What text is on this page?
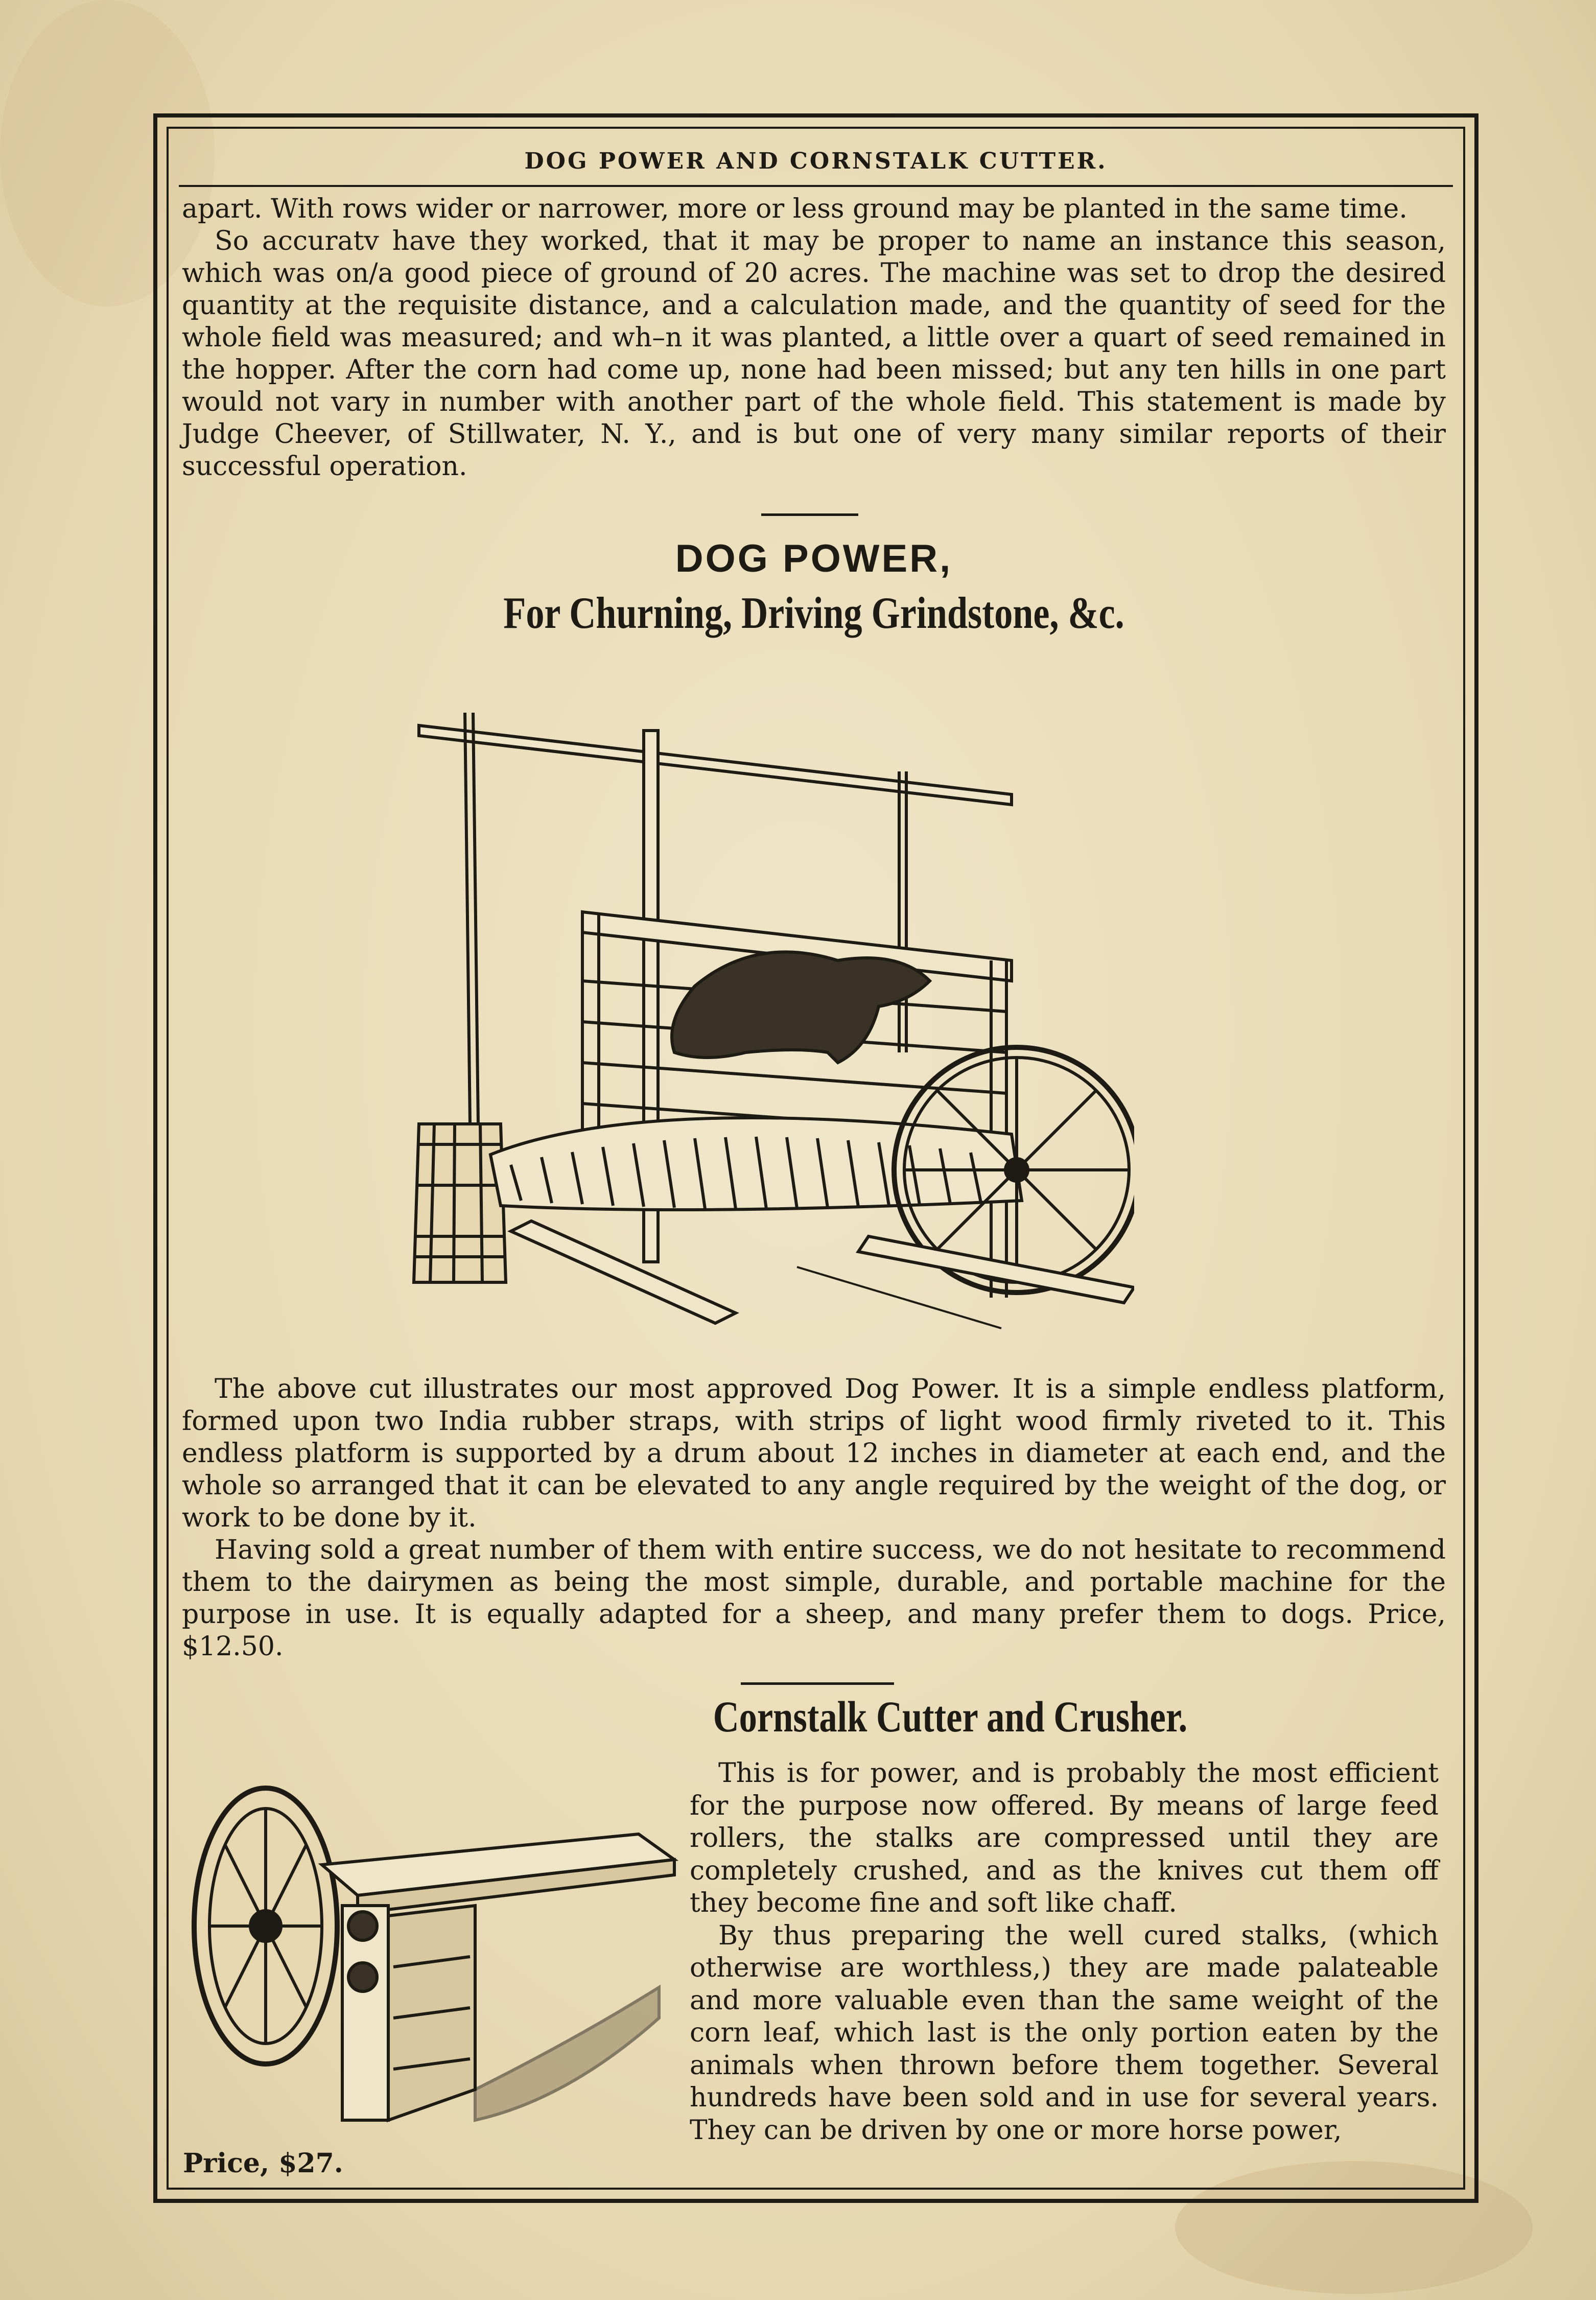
DOG POWER AND CORNSTALK CUTTER.

apart. With rows wider or narrower, more or less ground may be planted in the same time.

So accuratv have they worked, that it may be proper to name an instance this season, which was on/a good piece of ground of 20 acres. The machine was set to drop the desired quantity at the requisite distance, and a calculation made, and the quantity of seed for the whole field was measured; and wh–n it was planted, a little over a quart of seed remained in the hopper. After the corn had come up, none had been missed; but any ten hills in one part would not vary in number with another part of the whole field. This statement is made by Judge Cheever, of Stillwater, N. Y., and is but one of very many similar reports of their successful operation.

DOG POWER,
For Churning, Driving Grindstone, &c.

The above cut illustrates our most approved Dog Power. It is a simple endless platform, formed upon two India rubber straps, with strips of light wood firmly riveted to it. This endless platform is supported by a drum about 12 inches in diameter at each end, and the whole so arranged that it can be elevated to any angle required by the weight of the dog, or work to be done by it.

Having sold a great number of them with entire success, we do not hesitate to recommend them to the dairymen as being the most simple, durable, and portable machine for the purpose in use. It is equally adapted for a sheep, and many prefer them to dogs. Price, $12.50.

Cornstalk Cutter and Crusher.

This is for power, and is probably the most efficient for the purpose now offered. By means of large feed rollers, the stalks are compressed until they are completely crushed, and as the knives cut them off they become fine and soft like chaff.

By thus preparing the well cured stalks, (which otherwise are worthless,) they are made palateable and more valuable even than the same weight of the corn leaf, which last is the only portion eaten by the animals when thrown before them together. Several hundreds have been sold and in use for several years. They can be driven by one or more horse power,

Price, $27.
